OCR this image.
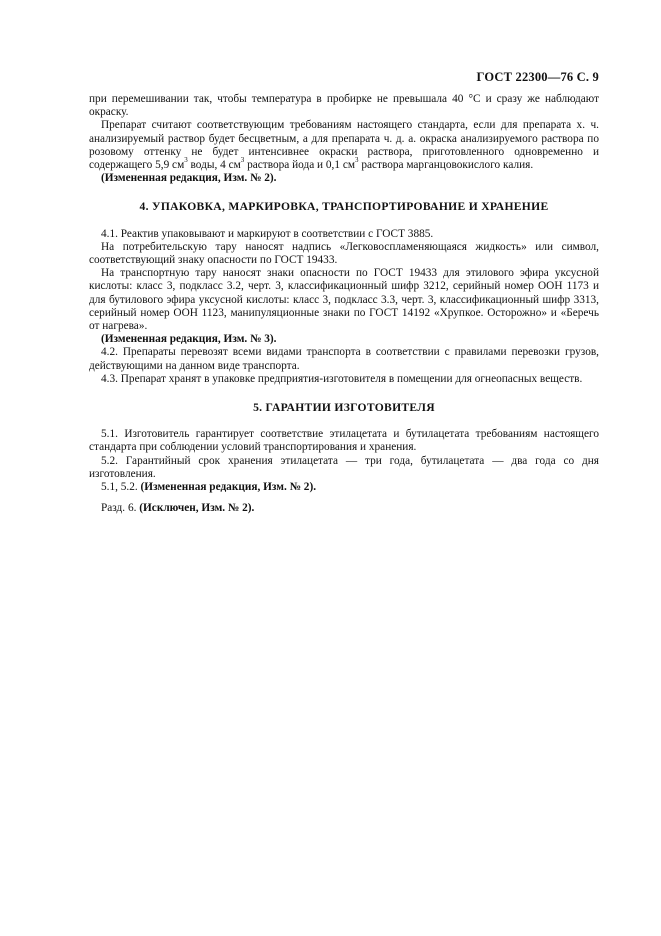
ГОСТ 22300—76 С. 9

при перемешивании так, чтобы температура в пробирке не превышала 40 °С и сразу же наблюдают окраску.

Препарат считают соответствующим требованиям настоящего стандарта, если для препарата х. ч. анализируемый раствор будет бесцветным, а для препарата ч. д. а. окраска анализируемого раствора по розовому оттенку не будет интенсивнее окраски раствора, приготовленного одновременно и содержащего 5,9 $см^3$ воды, 4 $см^3$ раствора йода и 0,1 $см^3$ раствора марганцовокислого калия.

(Измененная редакция, Изм. № 2).

4. УПАКОВКА, МАРКИРОВКА, ТРАНСПОРТИРОВАНИЕ И ХРАНЕНИЕ

4.1. Реактив упаковывают и маркируют в соответствии с ГОСТ 3885.

На потребительскую тару наносят надпись «Легковоспламеняющаяся жидкость» или символ, соответствующий знаку опасности по ГОСТ 19433.

На транспортную тару наносят знаки опасности по ГОСТ 19433 для этилового эфира уксусной кислоты: класс 3, подкласс 3.2, черт. 3, классификационный шифр 3212, серийный номер ООН 1173 и для бутилового эфира уксусной кислоты: класс 3, подкласс 3.3, черт. 3, классификационный шифр 3313, серийный номер ООН 1123, манипуляционные знаки по ГОСТ 14192 «Хрупкое. Осторожно» и «Беречь от нагрева».

(Измененная редакция, Изм. № 3).

4.2. Препараты перевозят всеми видами транспорта в соответствии с правилами перевозки грузов, действующими на данном виде транспорта.

4.3. Препарат хранят в упаковке предприятия-изготовителя в помещении для огнеопасных веществ.

5. ГАРАНТИИ ИЗГОТОВИТЕЛЯ

5.1. Изготовитель гарантирует соответствие этилацетата и бутилацетата требованиям настоящего стандарта при соблюдении условий транспортирования и хранения.

5.2. Гарантийный срок хранения этилацетата — три года, бутилацетата — два года со дня изготовления.

5.1, 5.2. (Измененная редакция, Изм. № 2).

Разд. 6. (Исключен, Изм. № 2).
